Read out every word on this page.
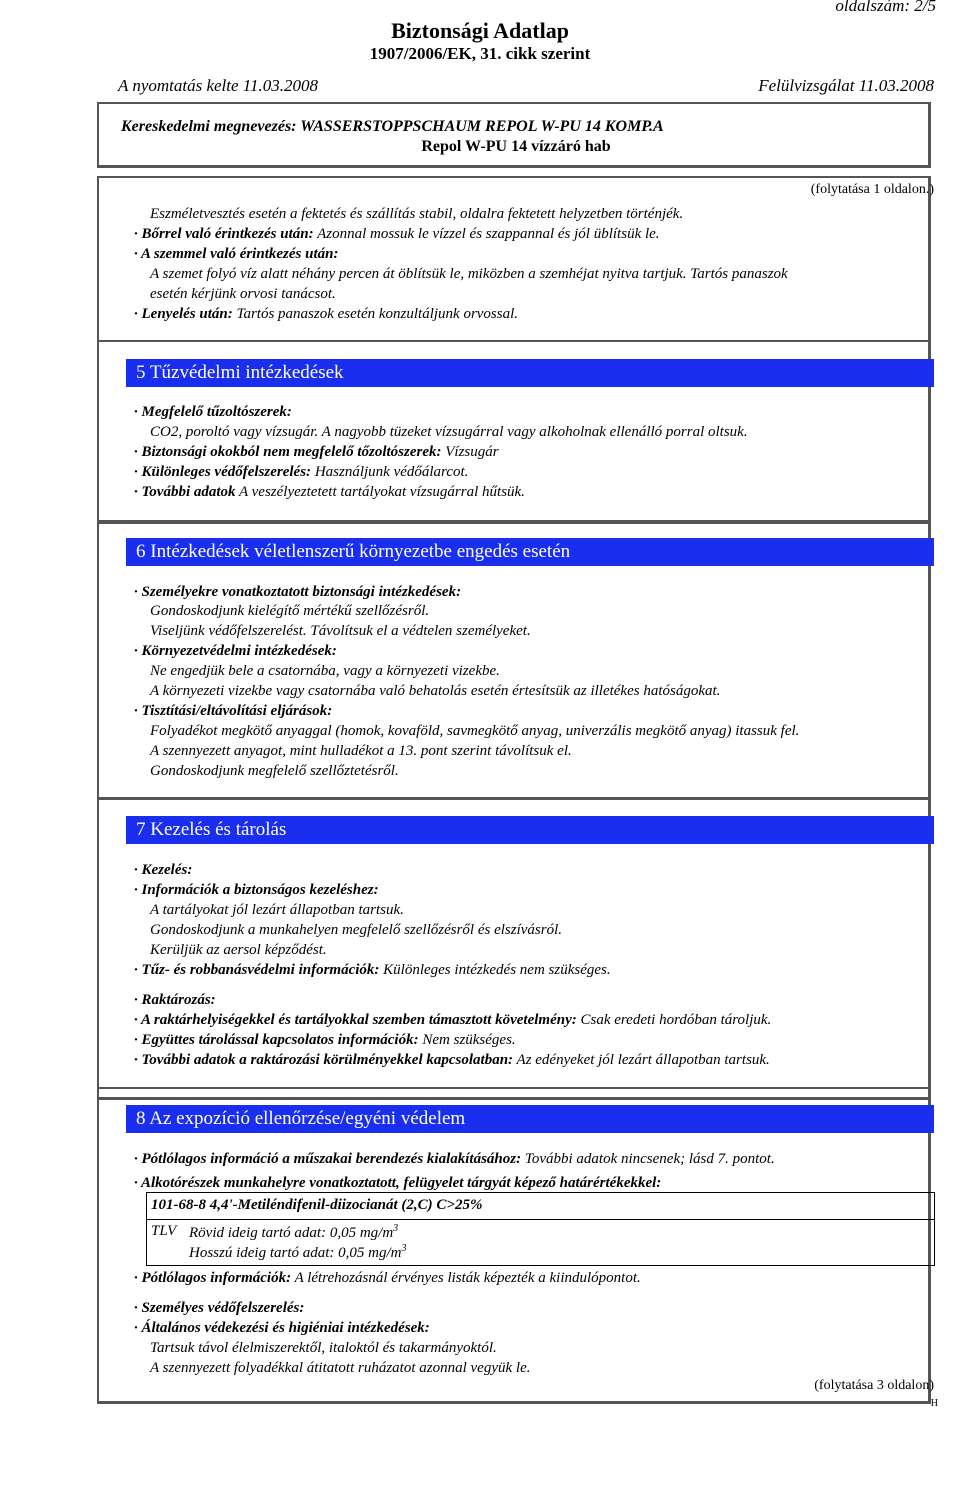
oldalszám: 2/5
Biztonsági Adatlap
1907/2006/EK, 31. cikk szerint
A nyomtatás kelte 11.03.2008	Felülvizsgálat 11.03.2008
Kereskedelmi megnevezés: WASSERSTOPPSCHAUM REPOL W-PU 14 KOMP.A
Repol W-PU 14 vízzáró hab
(folytatása 1 oldalon.)
Eszméletvesztés esetén a fektetés és szállítás stabil, oldalra fektetett helyzetben történjék.
· Bőrrel való érintkezés után: Azonnal mossuk le vízzel és szappannal és jól üblítsük le.
· A szemmel való érintkezés után:
A szemet folyó víz alatt néhány percen át öblítsük le, miközben a szemhéjat nyitva tartjuk. Tartós panaszok
esetén kérjünk orvosi tanácsot.
· Lenyelés után: Tartós panaszok esetén konzultáljunk orvossal.
5 Tűzvédelmi intézkedések
· Megfelelő tűzoltószerek:
CO2, poroltó vagy vízsugár. A nagyobb tüzeket vízsugárral vagy alkoholnak ellenálló porral oltsuk.
· Biztonsági okokból nem megfelelő tőzoltószerek: Vízsugár
· Különleges védőfelszerelés: Használjunk védőálarcot.
· További adatok A veszélyeztetett tartályokat vízsugárral hűtsük.
6 Intézkedések véletlenszerű környezetbe engedés esetén
· Személyekre vonatkoztatott biztonsági intézkedések:
Gondoskodjunk kielégítő mértékű szellőzésről.
Viseljünk védőfelszerelést. Távolítsuk el a védtelen személyeket.
· Környezetvédelmi intézkedések:
Ne engedjük bele a csatornába, vagy a környezeti vizekbe.
A környezeti vizekbe vagy csatornába való behatolás esetén értesítsük az illetékes hatóságokat.
· Tisztítási/eltávolítási eljárások:
Folyadékot megkötő anyaggal (homok, kovaföld, savmegkötő anyag, univerzális megkötő anyag) itassuk fel.
A szennyezett anyagot, mint hulladékot a 13. pont szerint távolítsuk el.
Gondoskodjunk megfelelő szellőztetésről.
7 Kezelés és tárolás
· Kezelés:
· Információk a biztonságos kezeléshez:
A tartályokat jól lezárt állapotban tartsuk.
Gondoskodjunk a munkahelyen megfelelő szellőzésről és elszívásról.
Kerüljük az aersol képződést.
· Tűz- és robbanásvédelmi információk: Különleges intézkedés nem szükséges.
· Raktározás:
· A raktárhelyiségekkel és tartályokkal szemben támasztott követelmény: Csak eredeti hordóban tároljuk.
· Együttes tárolással kapcsolatos információk: Nem szükséges.
· További adatok a raktározási körülményekkel kapcsolatban: Az edényeket jól lezárt állapotban tartsuk.
8 Az expozíció ellenőrzése/egyéni védelem
· Pótlólagos információ a műszakai berendezés kialakításához: További adatok nincsenek; lásd 7. pontot.
· Alkotórészek munkahelyre vonatkoztatott, felügyelet tárgyát képező határértékekkel:
101-68-8 4,4'-Metiléndifenil-diizocianát (2,C) C>25%
TLV Rövid ideig tartó adat: 0,05 $mg/m^3$
Hosszú ideig tartó adat: 0,05 $mg/m^3$
· Pótlólagos információk: A létrehozásnál érvényes listák képezték a kiindulópontot.
· Személyes védőfelszerelés:
· Általános védekezési és higiéniai intézkedések:
Tartsuk távol élelmiszerektől, italoktól és takarmányoktól.
A szennyezett folyadékkal átitatott ruházatot azonnal vegyük le.
(folytatása 3 oldalon)
H
